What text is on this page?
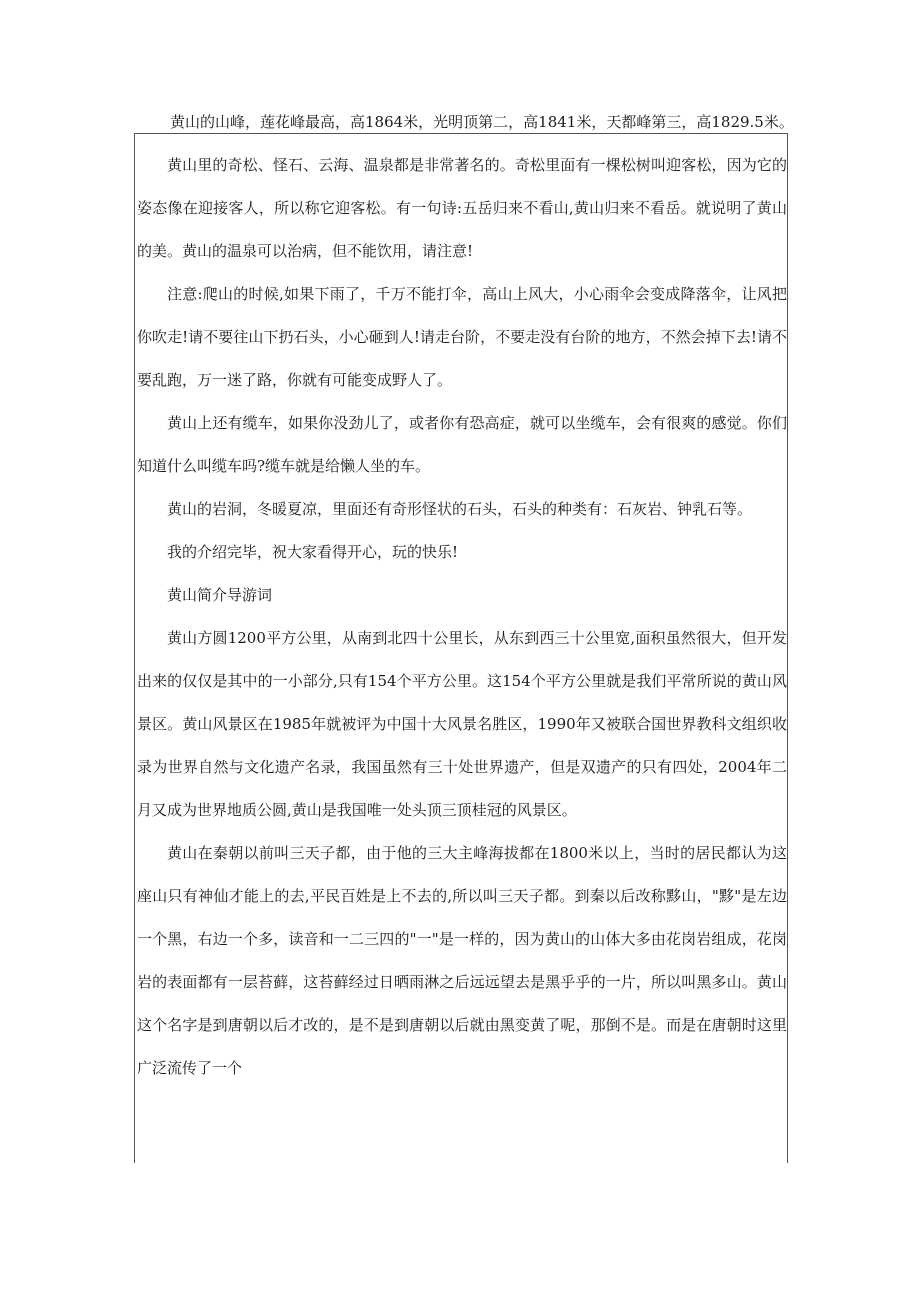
黄山的山峰，莲花峰最高，高1864米，光明顶第二，高1841米，天都峰第三，高1829.5米。

黄山里的奇松、怪石、云海、温泉都是非常著名的。奇松里面有一棵松树叫迎客松，因为它的姿态像在迎接客人，所以称它迎客松。有一句诗:五岳归来不看山,黄山归来不看岳。就说明了黄山的美。黄山的温泉可以治病，但不能饮用，请注意!

注意:爬山的时候,如果下雨了，千万不能打伞，高山上风大，小心雨伞会变成降落伞，让风把你吹走!请不要往山下扔石头，小心砸到人!请走台阶，不要走没有台阶的地方，不然会掉下去!请不要乱跑，万一迷了路，你就有可能变成野人了。

黄山上还有缆车，如果你没劲儿了，或者你有恐高症，就可以坐缆车，会有很爽的感觉。你们知道什么叫缆车吗?缆车就是给懒人坐的车。

黄山的岩洞，冬暖夏凉，里面还有奇形怪状的石头，石头的种类有：石灰岩、钟乳石等。

我的介绍完毕，祝大家看得开心，玩的快乐!

黄山简介导游词

黄山方圆1200平方公里，从南到北四十公里长，从东到西三十公里宽,面积虽然很大，但开发出来的仅仅是其中的一小部分,只有154个平方公里。这154个平方公里就是我们平常所说的黄山风景区。黄山风景区在1985年就被评为中国十大风景名胜区，1990年又被联合国世界教科文组织收录为世界自然与文化遗产名录，我国虽然有三十处世界遗产，但是双遗产的只有四处，2004年二月又成为世界地质公圆,黄山是我国唯一处头顶三顶桂冠的风景区。

黄山在秦朝以前叫三天子都，由于他的三大主峰海拔都在1800米以上，当时的居民都认为这座山只有神仙才能上的去,平民百姓是上不去的,所以叫三天子都。到秦以后改称黟山，"黟"是左边一个黑，右边一个多，读音和一二三四的"一"是一样的，因为黄山的山体大多由花岗岩组成，花岗岩的表面都有一层苔藓，这苔藓经过日晒雨淋之后远远望去是黑乎乎的一片，所以叫黑多山。黄山这个名字是到唐朝以后才改的，是不是到唐朝以后就由黑变黄了呢，那倒不是。而是在唐朝时这里广泛流传了一个
